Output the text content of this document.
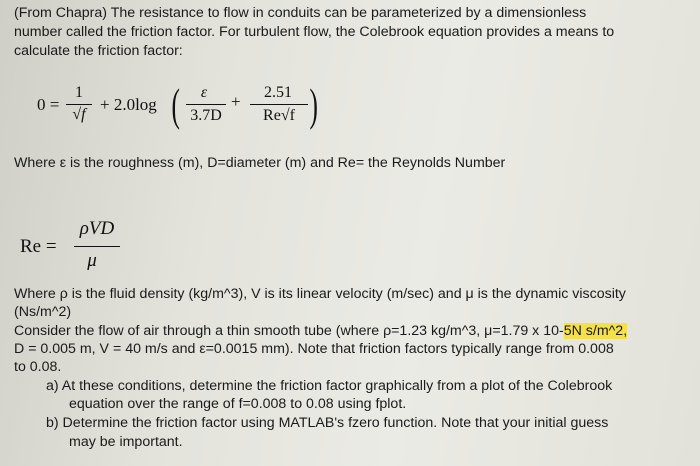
(From Chapra) The resistance to flow in conduits can be parameterized by a dimensionless
number called the friction factor. For turbulent flow, the Colebrook equation provides a means to
calculate the friction factor:
0 =
1
√f
+ 2.0log (	ε
3.7D
+	2.51
Re√f )
Where ε is the roughness (m), D=diameter (m) and Re= the Reynolds Number
Re =
ρVD
μ
Where ρ is the fluid density (kg/m^3), V is its linear velocity (m/sec) and μ is the dynamic viscosity
(Ns/m^2)
Consider the flow of air through a thin smooth tube (where ρ=1.23 kg/m^3, μ=1.79 x 10-5N s/m^2,
D = 0.005 m, V = 40 m/s and ε=0.0015 mm). Note that friction factors typically range from 0.008
to 0.08.
a) At these conditions, determine the friction factor graphically from a plot of the Colebrook
equation over the range of f=0.008 to 0.08 using fplot.
b) Determine the friction factor using MATLAB's fzero function. Note that your initial guess
may be important.
